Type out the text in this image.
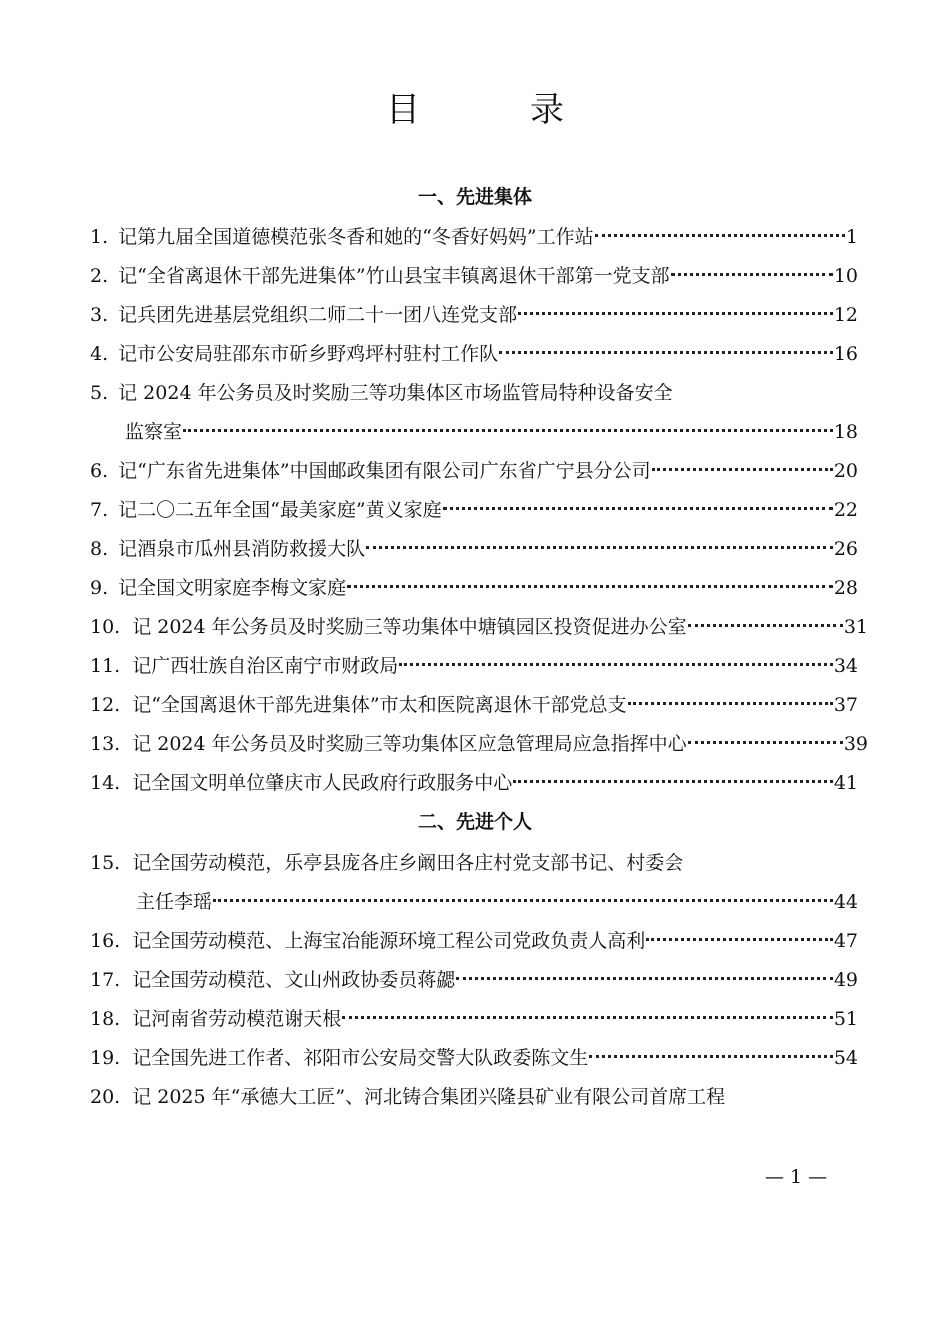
目　录
一、先进集体
1. 记第九届全国道德模范张冬香和她的“冬香好妈妈”工作站	1
2. 记“全省离退休干部先进集体”竹山县宝丰镇离退休干部第一党支部	10
3. 记兵团先进基层党组织二师二十一团八连党支部	12
4. 记市公安局驻邵东市斫乡野鸡坪村驻村工作队	16
5. 记 2024 年公务员及时奖励三等功集体区市场监管局特种设备安全
监察室	18
6. 记“广东省先进集体”中国邮政集团有限公司广东省广宁县分公司	20
7. 记二〇二五年全国“最美家庭”黄义家庭	22
8. 记酒泉市瓜州县消防救援大队	26
9. 记全国文明家庭李梅文家庭	28
10. 记 2024 年公务员及时奖励三等功集体中塘镇园区投资促进办公室	31
11. 记广西壮族自治区南宁市财政局	34
12. 记“全国离退休干部先进集体”市太和医院离退休干部党总支	37
13. 记 2024 年公务员及时奖励三等功集体区应急管理局应急指挥中心	39
14. 记全国文明单位肇庆市人民政府行政服务中心	41
二、先进个人
15. 记全国劳动模范，乐亭县庞各庄乡阚田各庄村党支部书记、村委会
主任李瑶	44
16. 记全国劳动模范、上海宝冶能源环境工程公司党政负责人高利	47
17. 记全国劳动模范、文山州政协委员蒋勰	49
18. 记河南省劳动模范谢天根	51
19. 记全国先进工作者、祁阳市公安局交警大队政委陈文生	54
20. 记 2025 年“承德大工匠”、河北铸合集团兴隆县矿业有限公司首席工程
— 1 —
